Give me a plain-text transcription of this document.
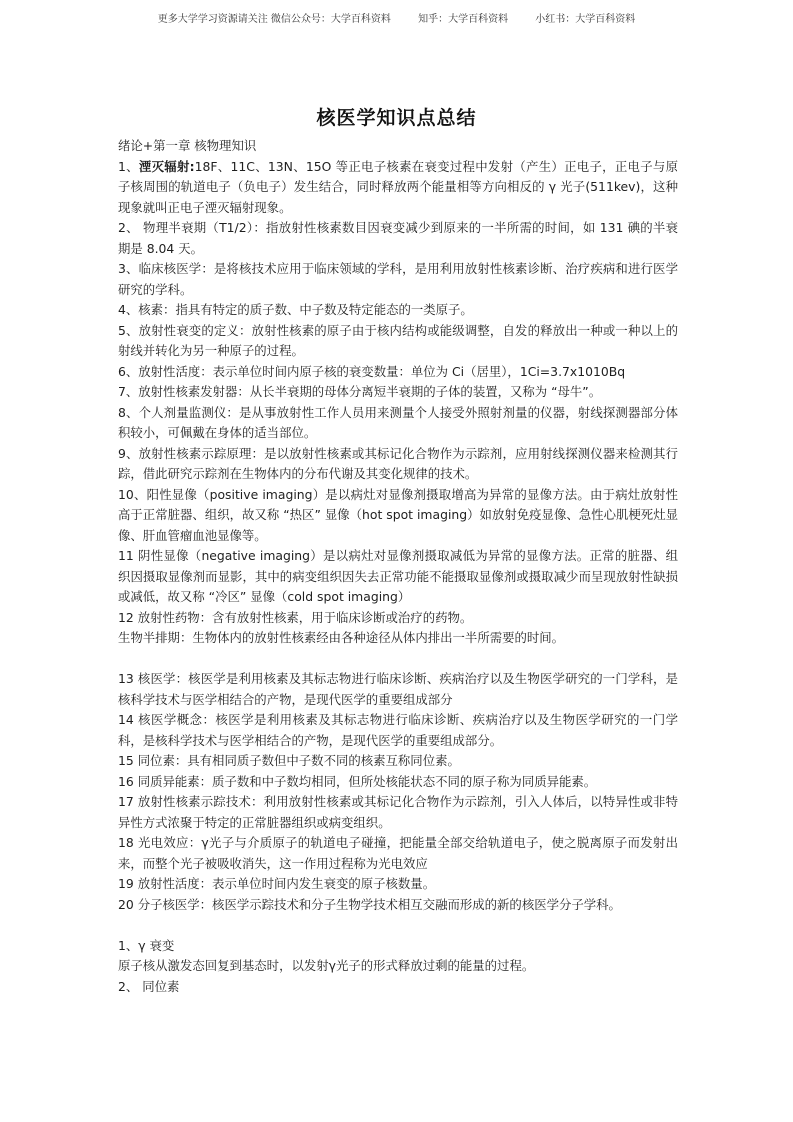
更多大学学习资源请关注 微信公众号：大学百科资料	知乎：大学百科资料	小红书：大学百科资料
核医学知识点总结

绪论+第一章 核物理知识

1、湮灭辐射:18F、11C、13N、15O 等正电子核素在衰变过程中发射（产生）正电子，正电子与原子核周围的轨道电子（负电子）发生结合，同时释放两个能量相等方向相反的 γ 光子(511kev)，这种现象就叫正电子湮灭辐射现象。

2、 物理半衰期（T1/2）：指放射性核素数目因衰变减少到原来的一半所需的时间，如 131 碘的半衰期是 8.04 天。

3、临床核医学：是将核技术应用于临床领域的学科，是用利用放射性核素诊断、治疗疾病和进行医学研究的学科。

4、核素：指具有特定的质子数、中子数及特定能态的一类原子。

5、放射性衰变的定义：放射性核素的原子由于核内结构或能级调整，自发的释放出一种或一种以上的射线并转化为另一种原子的过程。

6、放射性活度：表示单位时间内原子核的衰变数量：单位为 Ci（居里），1Ci=3.7x1010Bq

7、放射性核素发射器：从长半衰期的母体分离短半衰期的子体的装置，又称为 “母牛”。

8、个人剂量监测仪：是从事放射性工作人员用来测量个人接受外照射剂量的仪器，射线探测器部分体积较小，可佩戴在身体的适当部位。

9、放射性核素示踪原理：是以放射性核素或其标记化合物作为示踪剂，应用射线探测仪器来检测其行踪，借此研究示踪剂在生物体内的分布代谢及其变化规律的技术。

10、阳性显像（positive imaging）是以病灶对显像剂摄取增高为异常的显像方法。由于病灶放射性高于正常脏器、组织，故又称 “热区” 显像（hot spot imaging）如放射免疫显像、急性心肌梗死灶显像、肝血管瘤血池显像等。

11 阴性显像（negative imaging）是以病灶对显像剂摄取减低为异常的显像方法。正常的脏器、组织因摄取显像剂而显影，其中的病变组织因失去正常功能不能摄取显像剂或摄取减少而呈现放射性缺损或减低，故又称 “冷区” 显像（cold spot imaging）

12 放射性药物：含有放射性核素，用于临床诊断或治疗的药物。

生物半排期：生物体内的放射性核素经由各种途径从体内排出一半所需要的时间。

13 核医学：核医学是利用核素及其标志物进行临床诊断、疾病治疗以及生物医学研究的一门学科，是核科学技术与医学相结合的产物，是现代医学的重要组成部分

14 核医学概念：核医学是利用核素及其标志物进行临床诊断、疾病治疗以及生物医学研究的一门学科，是核科学技术与医学相结合的产物，是现代医学的重要组成部分。

15 同位素：具有相同质子数但中子数不同的核素互称同位素。

16 同质异能素：质子数和中子数均相同，但所处核能状态不同的原子称为同质异能素。

17 放射性核素示踪技术：利用放射性核素或其标记化合物作为示踪剂，引入人体后，以特异性或非特异性方式浓聚于特定的正常脏器组织或病变组织。

18 光电效应：γ光子与介质原子的轨道电子碰撞，把能量全部交给轨道电子，使之脱离原子而发射出来，而整个光子被吸收消失，这一作用过程称为光电效应

19 放射性活度：表示单位时间内发生衰变的原子核数量。

20 分子核医学：核医学示踪技术和分子生物学技术相互交融而形成的新的核医学分子学科。

1、γ 衰变

原子核从激发态回复到基态时，以发射γ光子的形式释放过剩的能量的过程。

2、 同位素
